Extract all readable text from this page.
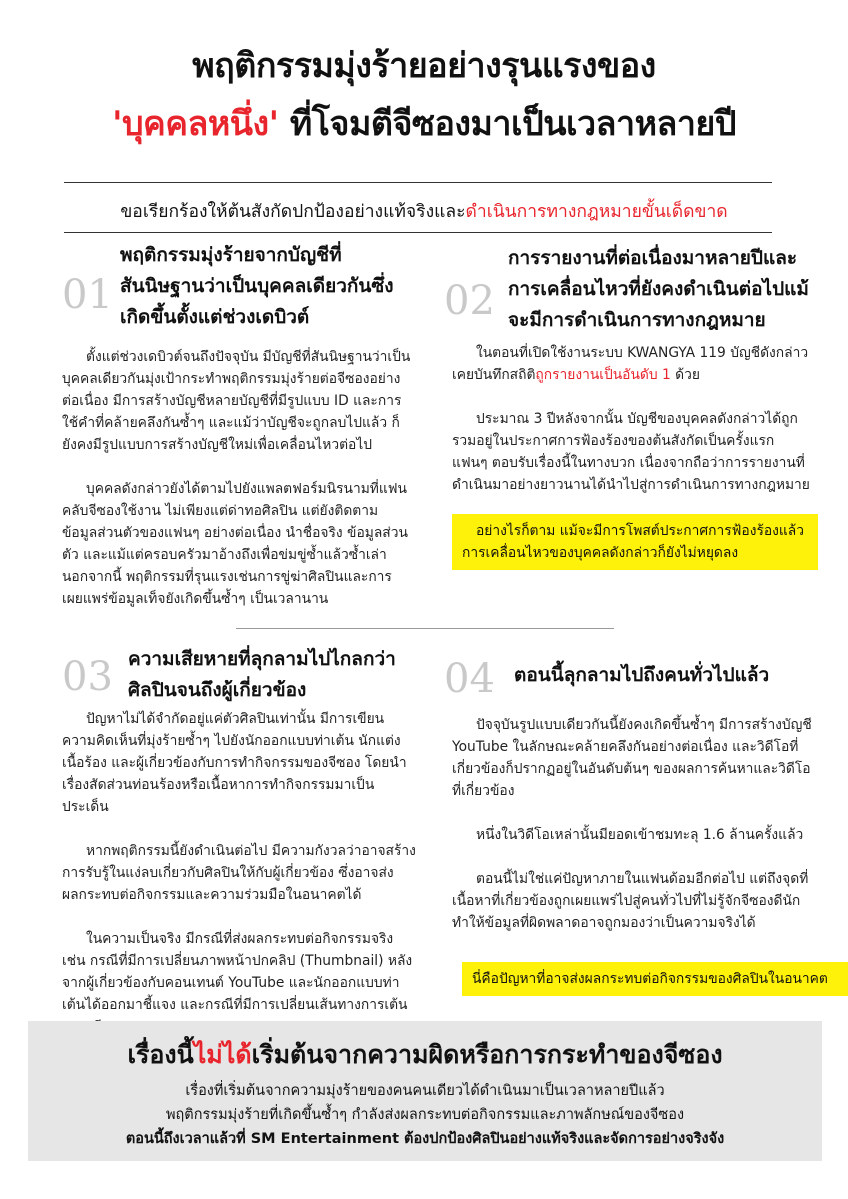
พฤติกรรมมุ่งร้ายอย่างรุนแรงของ
'บุคคลหนึ่ง' ที่โจมตีจีซองมาเป็นเวลาหลายปี
ขอเรียกร้องให้ต้นสังกัดปกป้องอย่างแท้จริงและดำเนินการทางกฎหมายขั้นเด็ดขาด
01
พฤติกรรมมุ่งร้ายจากบัญชีที่
สันนิษฐานว่าเป็นบุคคลเดียวกันซึ่ง
เกิดขึ้นตั้งแต่ช่วงเดบิวต์

ตั้งแต่ช่วงเดบิวต์จนถึงปัจจุบัน มีบัญชีที่สันนิษฐานว่าเป็นบุคคลเดียวกันมุ่งเป้ากระทำพฤติกรรมมุ่งร้ายต่อจีซองอย่างต่อเนื่อง มีการสร้างบัญชีหลายบัญชีที่มีรูปแบบ ID และการใช้คำที่คล้ายคลึงกันซ้ำๆ และแม้ว่าบัญชีจะถูกลบไปแล้ว ก็ยังคงมีรูปแบบการสร้างบัญชีใหม่เพื่อเคลื่อนไหวต่อไป

บุคคลดังกล่าวยังได้ตามไปยังแพลตฟอร์มนิรนามที่แฟนคลับจีซองใช้งาน ไม่เพียงแต่ด่าทอศิลปิน แต่ยังติดตามข้อมูลส่วนตัวของแฟนๆ อย่างต่อเนื่อง นำชื่อจริง ข้อมูลส่วนตัว และแม้แต่ครอบครัวมาอ้างถึงเพื่อข่มขู่ซ้ำแล้วซ้ำเล่า นอกจากนี้ พฤติกรรมที่รุนแรงเช่นการขู่ฆ่าศิลปินและการเผยแพร่ข้อมูลเท็จยังเกิดขึ้นซ้ำๆ เป็นเวลานาน

02
การรายงานที่ต่อเนื่องมาหลายปีและ
การเคลื่อนไหวที่ยังคงดำเนินต่อไปแม้
จะมีการดำเนินการทางกฎหมาย

ในตอนที่เปิดใช้งานระบบ KWANGYA 119 บัญชีดังกล่าวเคยบันทึกสถิติถูกรายงานเป็นอันดับ 1 ด้วย

ประมาณ 3 ปีหลังจากนั้น บัญชีของบุคคลดังกล่าวได้ถูกรวมอยู่ในประกาศการฟ้องร้องของต้นสังกัดเป็นครั้งแรก แฟนๆ ตอบรับเรื่องนี้ในทางบวก เนื่องจากถือว่าการรายงานที่ดำเนินมาอย่างยาวนานได้นำไปสู่การดำเนินการทางกฎหมาย

อย่างไรก็ตาม แม้จะมีการโพสต์ประกาศการฟ้องร้องแล้ว
การเคลื่อนไหวของบุคคลดังกล่าวก็ยังไม่หยุดลง
03 ความเสียหายที่ลุกลามไปไกลกว่า
ศิลปินจนถึงผู้เกี่ยวข้อง

ปัญหาไม่ได้จำกัดอยู่แค่ตัวศิลปินเท่านั้น มีการเขียนความคิดเห็นที่มุ่งร้ายซ้ำๆ ไปยังนักออกแบบท่าเต้น นักแต่งเนื้อร้อง และผู้เกี่ยวข้องกับการทำกิจกรรมของจีซอง โดยนำเรื่องสัดส่วนท่อนร้องหรือเนื้อหาการทำกิจกรรมมาเป็นประเด็น

หากพฤติกรรมนี้ยังดำเนินต่อไป มีความกังวลว่าอาจสร้างการรับรู้ในแง่ลบเกี่ยวกับศิลปินให้กับผู้เกี่ยวข้อง ซึ่งอาจส่งผลกระทบต่อกิจกรรมและความร่วมมือในอนาคตได้

ในความเป็นจริง มีกรณีที่ส่งผลกระทบต่อกิจกรรมจริง เช่น กรณีที่มีการเปลี่ยนภาพหน้าปกคลิป (Thumbnail) หลังจากผู้เกี่ยวข้องกับคอนเทนต์ YouTube และนักออกแบบท่าเต้นได้ออกมาชี้แจง และกรณีที่มีการเปลี่ยนเส้นทางการเต้น

04 ตอนนี้ลุกลามไปถึงคนทั่วไปแล้ว

ปัจจุบันรูปแบบเดียวกันนี้ยังคงเกิดขึ้นซ้ำๆ มีการสร้างบัญชี YouTube ในลักษณะคล้ายคลึงกันอย่างต่อเนื่อง และวิดีโอที่เกี่ยวข้องก็ปรากฏอยู่ในอันดับต้นๆ ของผลการค้นหาและวิดีโอที่เกี่ยวข้อง

หนึ่งในวิดีโอเหล่านั้นมียอดเข้าชมทะลุ 1.6 ล้านครั้งแล้ว

ตอนนี้ไม่ใช่แค่ปัญหาภายในแฟนด้อมอีกต่อไป แต่ถึงจุดที่เนื้อหาที่เกี่ยวข้องถูกเผยแพร่ไปสู่คนทั่วไปที่ไม่รู้จักจีซองดีนัก ทำให้ข้อมูลที่ผิดพลาดอาจถูกมองว่าเป็นความจริงได้

นี่คือปัญหาที่อาจส่งผลกระทบต่อกิจกรรมของศิลปินในอนาคต
เรื่องนี้ไม่ได้เริ่มต้นจากความผิดหรือการกระทำของจีซอง
เรื่องที่เริ่มต้นจากความมุ่งร้ายของคนคนเดียวได้ดำเนินมาเป็นเวลาหลายปีแล้ว
พฤติกรรมมุ่งร้ายที่เกิดขึ้นซ้ำๆ กำลังส่งผลกระทบต่อกิจกรรมและภาพลักษณ์ของจีซอง
ตอนนี้ถึงเวลาแล้วที่ SM Entertainment ต้องปกป้องศิลปินอย่างแท้จริงและจัดการอย่างจริงจัง
